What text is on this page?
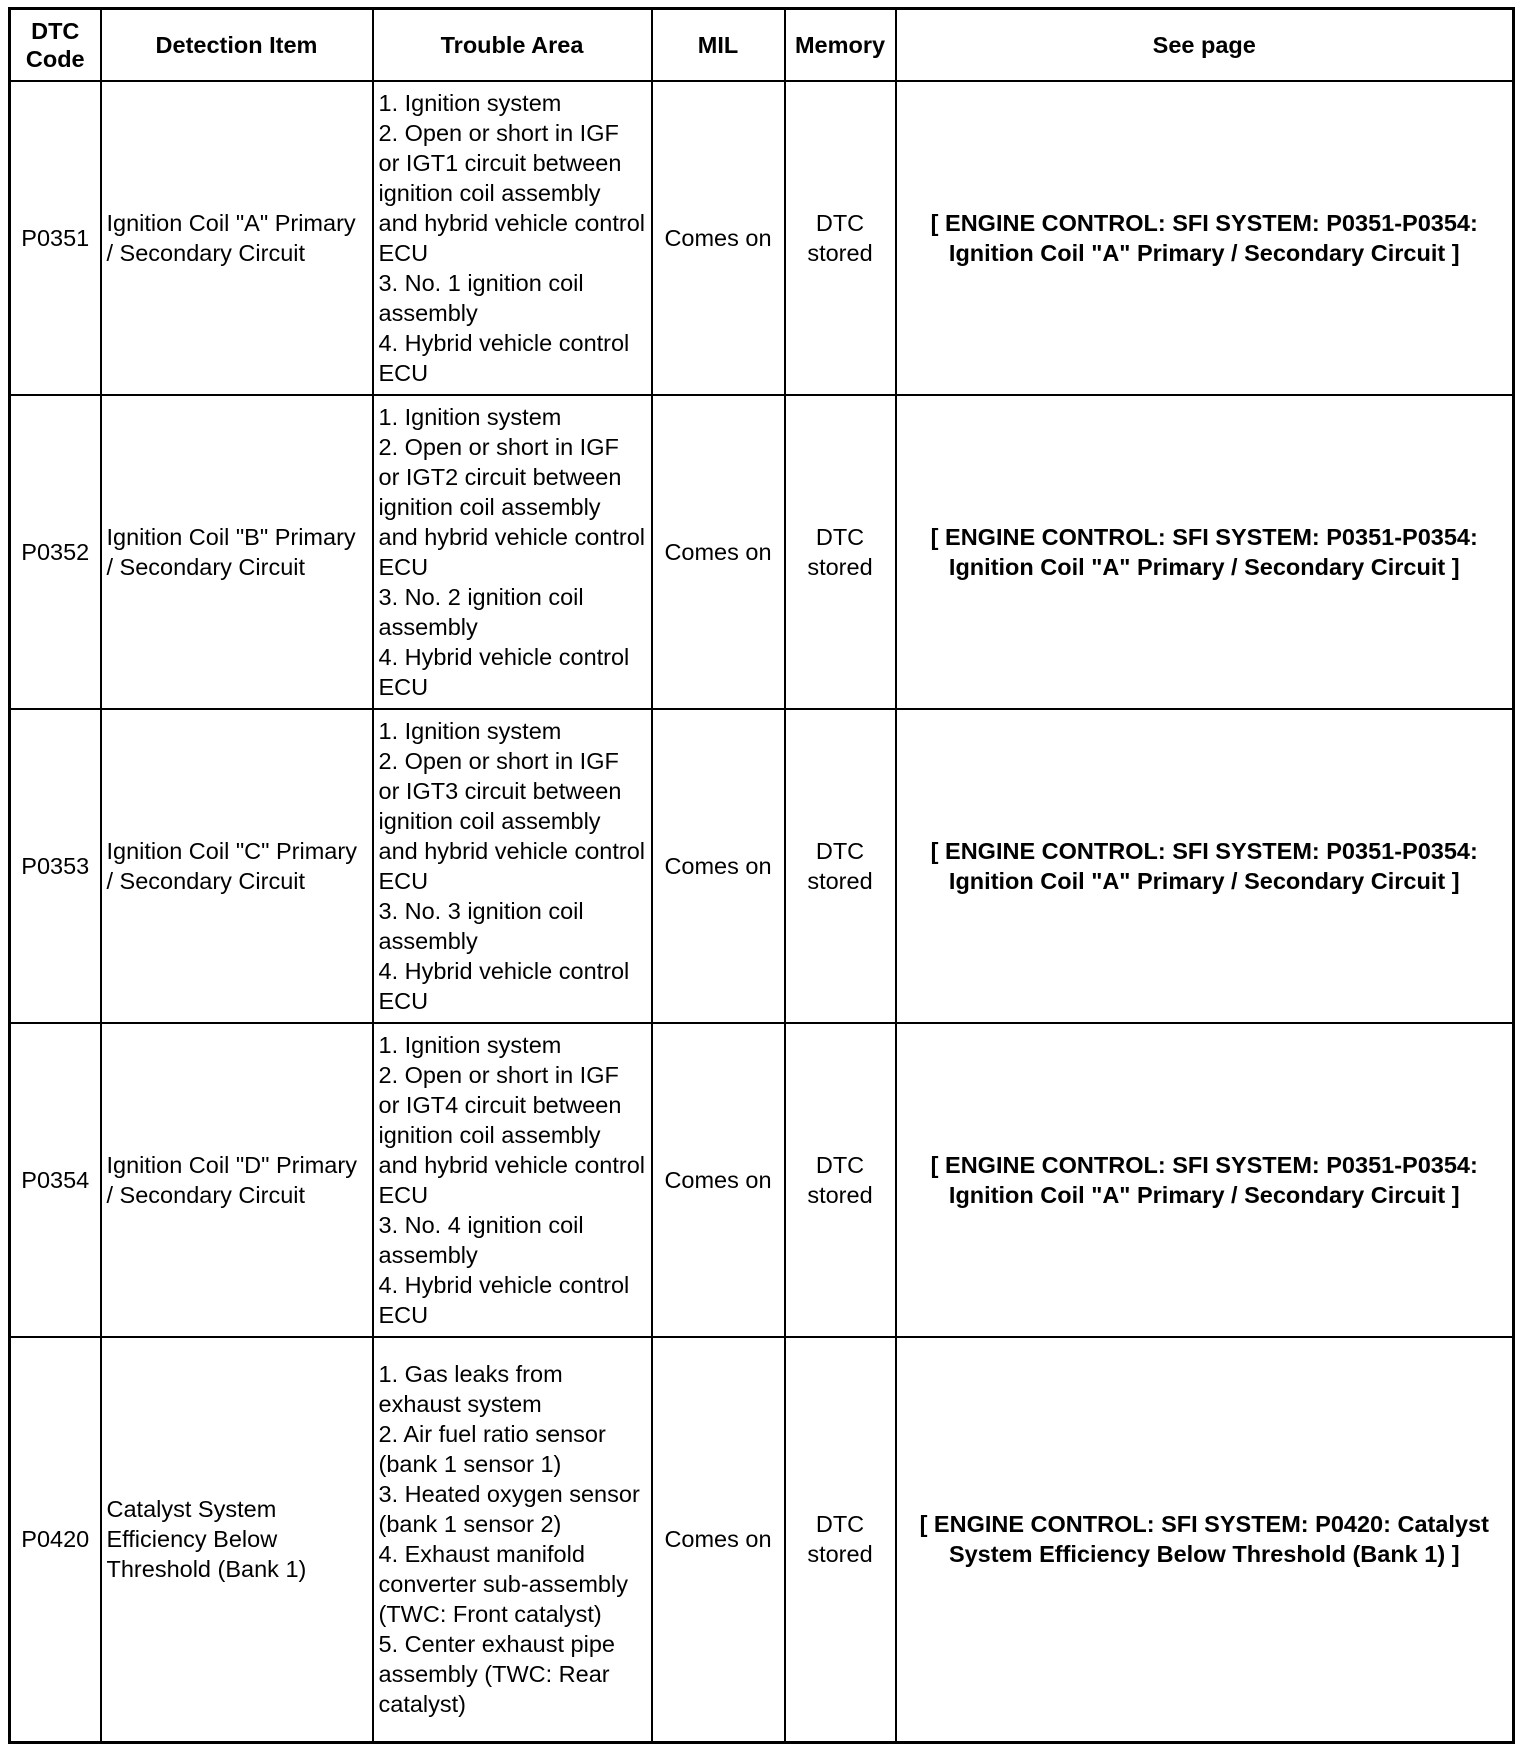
DTC
Code	Detection Item	Trouble Area	MIL	Memory	See page
P0351	Ignition Coil "A" Primary / Secondary Circuit	1. Ignition system
2. Open or short in IGF or IGT1 circuit between ignition coil assembly and hybrid vehicle control ECU
3. No. 1 ignition coil assembly
4. Hybrid vehicle control ECU	Comes on	DTC
stored	[ ENGINE CONTROL: SFI SYSTEM: P0351-P0354: Ignition Coil "A" Primary / Secondary Circuit ]
P0352	Ignition Coil "B" Primary / Secondary Circuit	1. Ignition system
2. Open or short in IGF or IGT2 circuit between ignition coil assembly and hybrid vehicle control ECU
3. No. 2 ignition coil assembly
4. Hybrid vehicle control ECU	Comes on	DTC
stored	[ ENGINE CONTROL: SFI SYSTEM: P0351-P0354: Ignition Coil "A" Primary / Secondary Circuit ]
P0353	Ignition Coil "C" Primary / Secondary Circuit	1. Ignition system
2. Open or short in IGF or IGT3 circuit between ignition coil assembly and hybrid vehicle control ECU
3. No. 3 ignition coil assembly
4. Hybrid vehicle control ECU	Comes on	DTC
stored	[ ENGINE CONTROL: SFI SYSTEM: P0351-P0354: Ignition Coil "A" Primary / Secondary Circuit ]
P0354	Ignition Coil "D" Primary / Secondary Circuit	1. Ignition system
2. Open or short in IGF or IGT4 circuit between ignition coil assembly and hybrid vehicle control ECU
3. No. 4 ignition coil assembly
4. Hybrid vehicle control ECU	Comes on	DTC
stored	[ ENGINE CONTROL: SFI SYSTEM: P0351-P0354: Ignition Coil "A" Primary / Secondary Circuit ]
P0420	Catalyst System Efficiency Below Threshold (Bank 1)	1. Gas leaks from exhaust system
2. Air fuel ratio sensor (bank 1 sensor 1)
3. Heated oxygen sensor (bank 1 sensor 2)
4. Exhaust manifold converter sub-assembly (TWC: Front catalyst)
5. Center exhaust pipe assembly (TWC: Rear catalyst)	Comes on	DTC
stored	[ ENGINE CONTROL: SFI SYSTEM: P0420: Catalyst System Efficiency Below Threshold (Bank 1) ]
